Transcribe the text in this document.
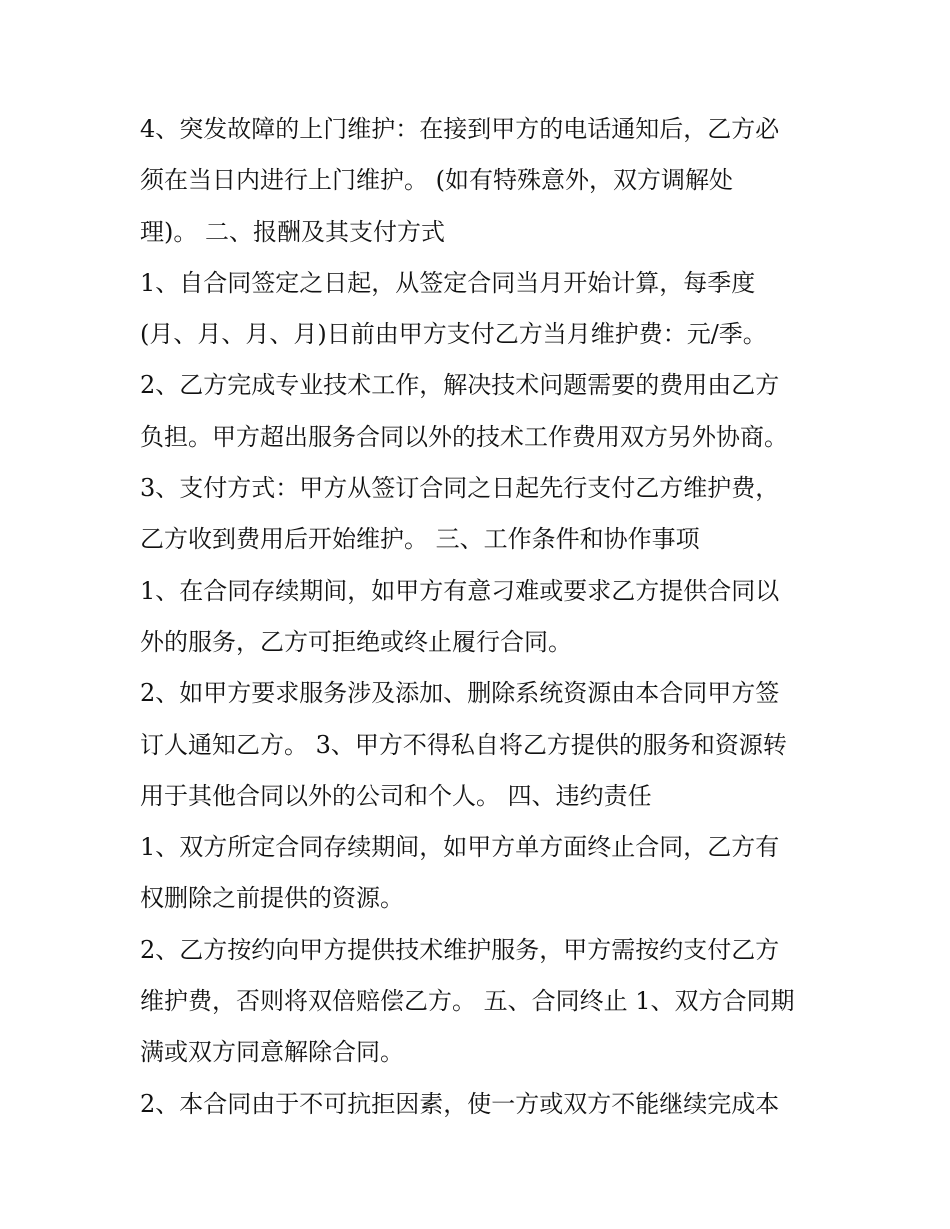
4、突发故障的上门维护：在接到甲方的电话通知后，乙方必
须在当日内进行上门维护。 (如有特殊意外，双方调解处
理)。 二、报酬及其支付方式
1、自合同签定之日起，从签定合同当月开始计算，每季度
(月、月、月、月)日前由甲方支付乙方当月维护费：元/季。
2、乙方完成专业技术工作，解决技术问题需要的费用由乙方
负担。甲方超出服务合同以外的技术工作费用双方另外协商。
3、支付方式：甲方从签订合同之日起先行支付乙方维护费，
乙方收到费用后开始维护。 三、工作条件和协作事项
1、在合同存续期间，如甲方有意刁难或要求乙方提供合同以
外的服务，乙方可拒绝或终止履行合同。
2、如甲方要求服务涉及添加、删除系统资源由本合同甲方签
订人通知乙方。 3、甲方不得私自将乙方提供的服务和资源转
用于其他合同以外的公司和个人。 四、违约责任
1、双方所定合同存续期间，如甲方单方面终止合同，乙方有
权删除之前提供的资源。
2、乙方按约向甲方提供技术维护服务，甲方需按约支付乙方
维护费，否则将双倍赔偿乙方。 五、合同终止 1、双方合同期
满或双方同意解除合同。
2、本合同由于不可抗拒因素，使一方或双方不能继续完成本
